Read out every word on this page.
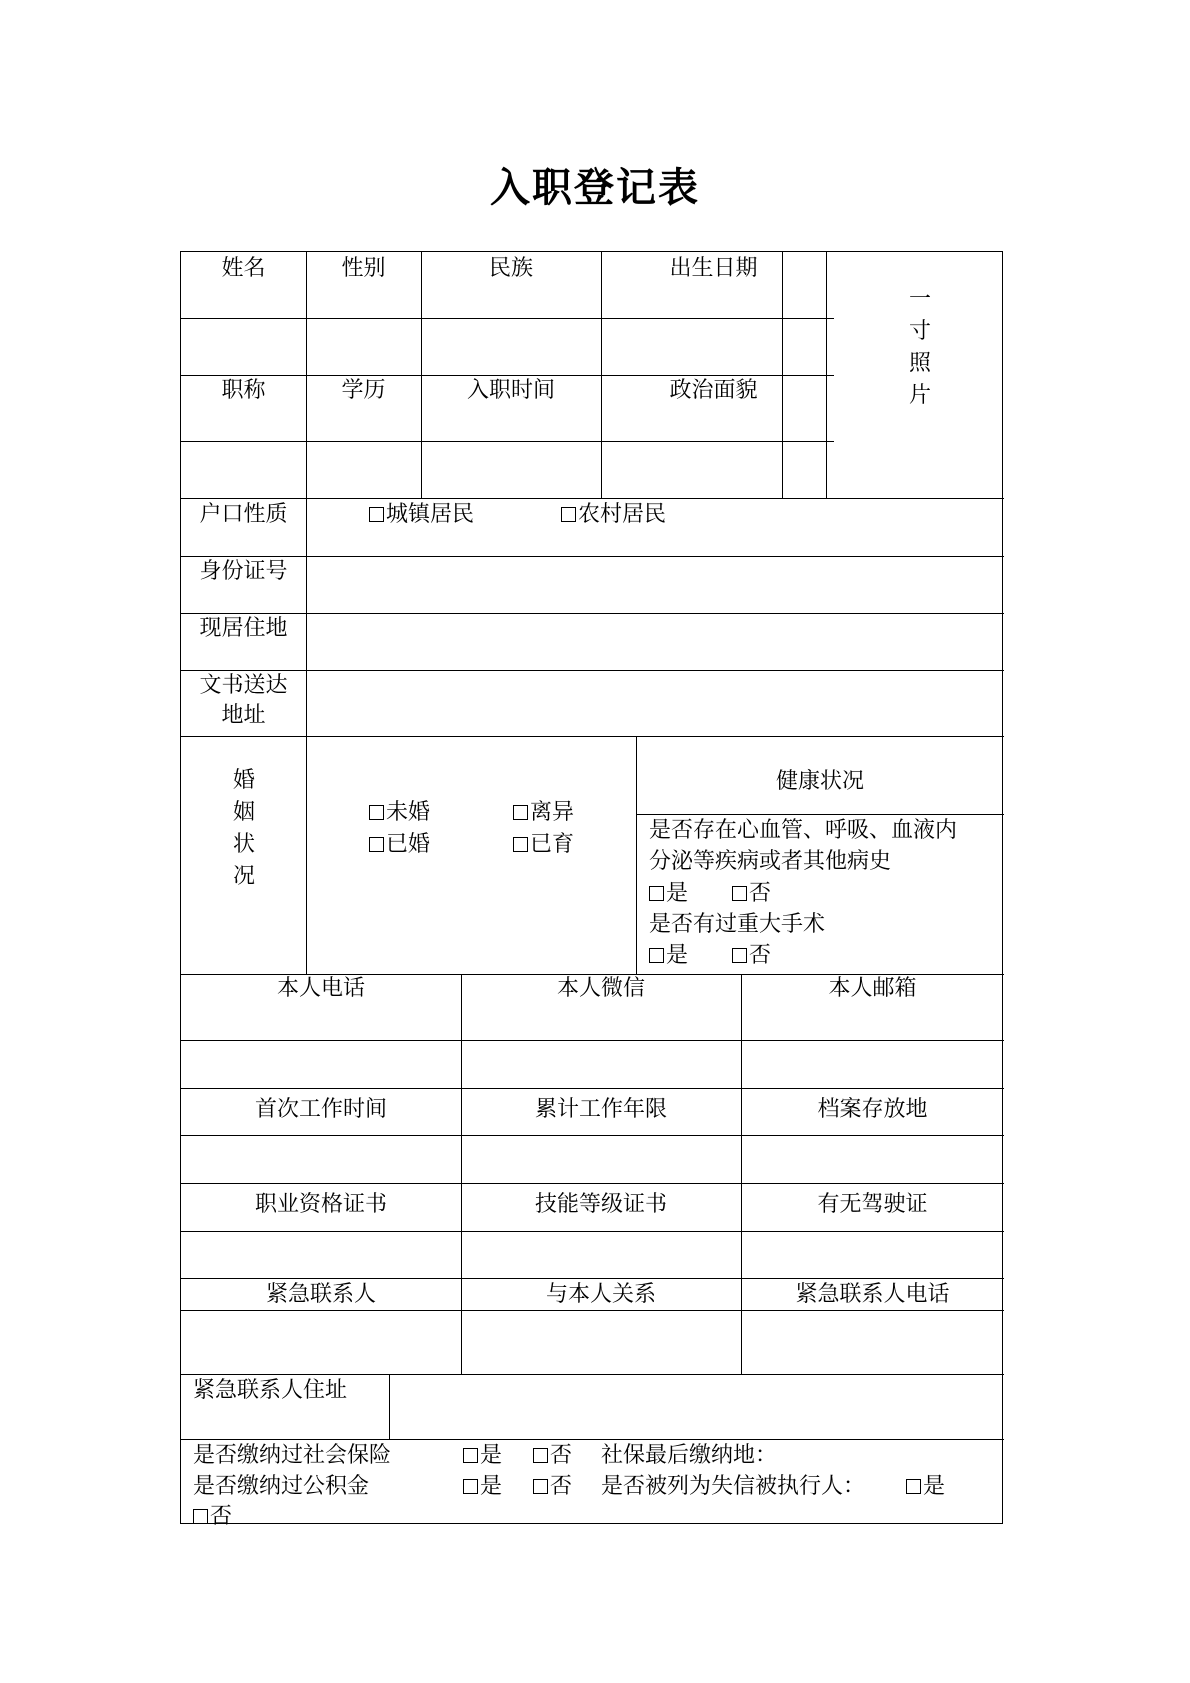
入职登记表
姓名	性别	民族	出生日期
职称	学历	入职时间	政治面貌
一
寸
照
片
户口性质	城镇居民	农村居民
身份证号
现居住地
文书送达
地址
婚
姻
状
况
未婚	离异
已婚	已育
健康状况
是否存在心血管、呼吸、血液内
分泌等疾病或者其他病史
是	否
是否有过重大手术
是	否
本人电话	本人微信	本人邮箱
首次工作时间	累计工作年限	档案存放地
职业资格证书	技能等级证书	有无驾驶证
紧急联系人	与本人关系	紧急联系人电话
紧急联系人住址
是否缴纳过社会保险	是	否 社保最后缴纳地：
是否缴纳过公积金	是	否 是否被列为失信被执行人：	是
否
